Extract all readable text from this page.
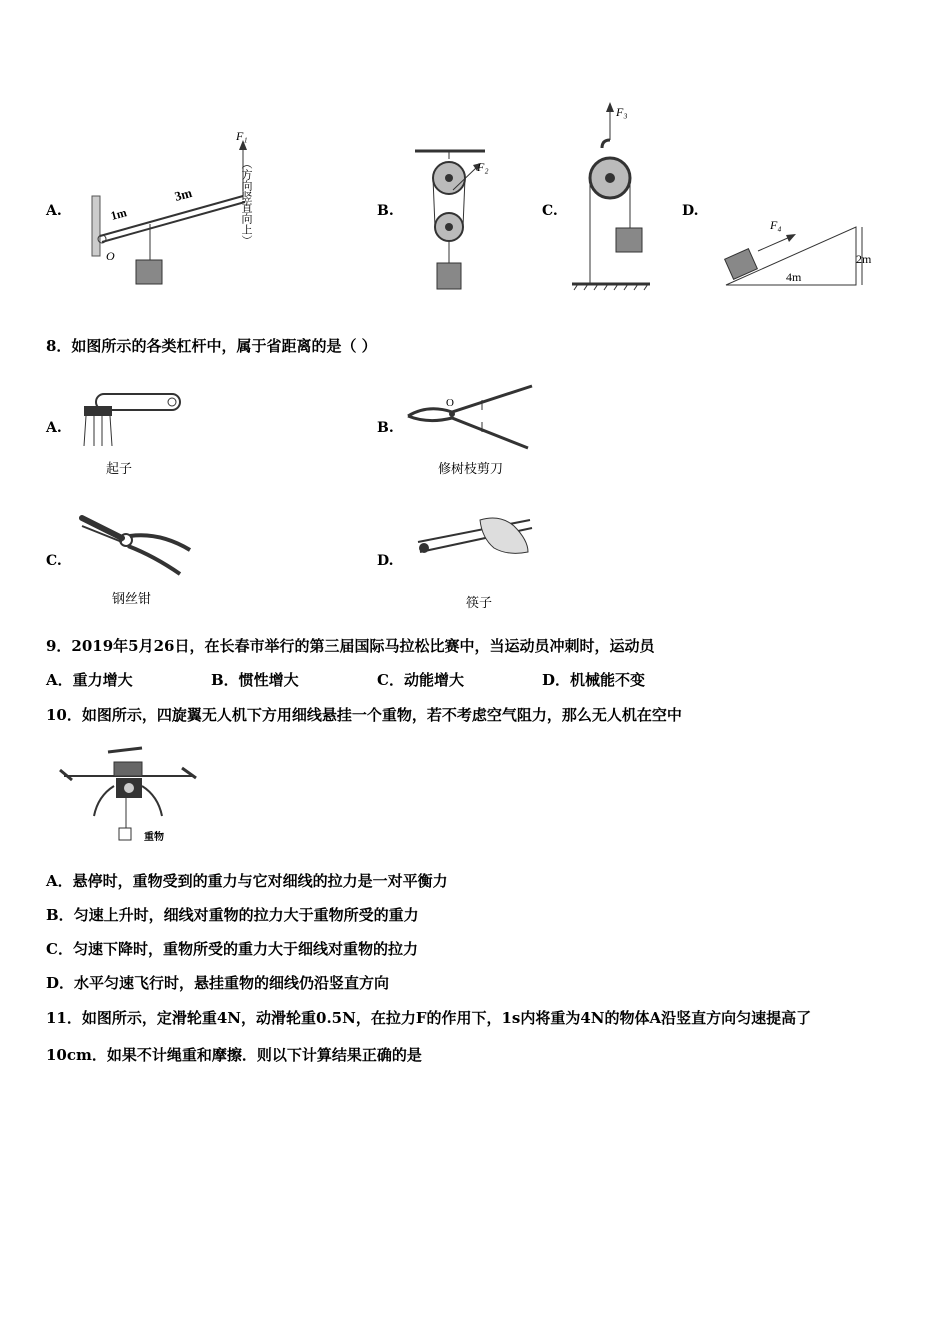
A.	B.	C.	D.
O
1m
3m
F₁
（方向竖直向上）	F₂
F₃
F₄
4m
2m
8．如图所示的各类杠杆中，属于省距离的是（ ）
A.
起子
B.
O
修树枝剪刀
C.
钢丝钳
D.
筷子
9．2019年5月26日，在长春市举行的第三届国际马拉松比赛中，当运动员冲刺时，运动员
A．重力增大	B．惯性增大	C．动能增大	D．机械能不变
10．如图所示，四旋翼无人机下方用细线悬挂一个重物，若不考虑空气阻力，那么无人机在空中
重物
A．悬停时，重物受到的重力与它对细线的拉力是一对平衡力
B．匀速上升时，细线对重物的拉力大于重物所受的重力
C．匀速下降时，重物所受的重力大于细线对重物的拉力
D．水平匀速飞行时，悬挂重物的细线仍沿竖直方向
11．如图所示，定滑轮重4N，动滑轮重0.5N，在拉力F的作用下，1s内将重为4N的物体A沿竖直方向匀速提高了
10cm．如果不计绳重和摩擦．则以下计算结果正确的是
